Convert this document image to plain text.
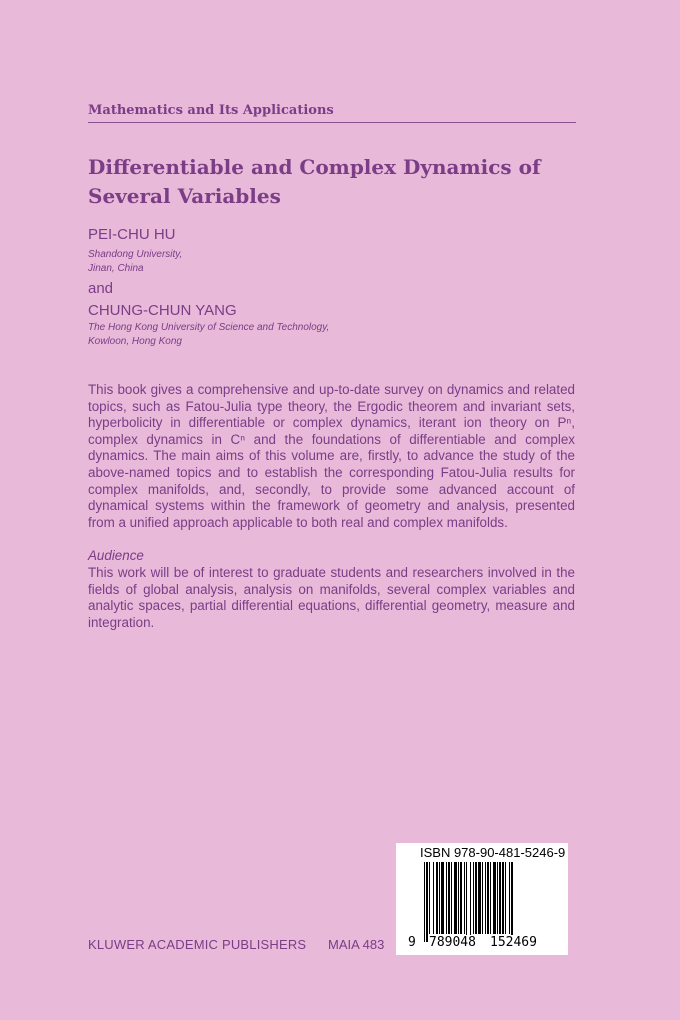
Mathematics and Its Applications
Differentiable and Complex Dynamics of
Several Variables
PEI-CHU HU
Shandong University,
Jinan, China
and
CHUNG-CHUN YANG
The Hong Kong University of Science and Technology,
Kowloon, Hong Kong
This book gives a comprehensive and up-to-date survey on dynamics and related topics, such as Fatou-Julia type theory, the Ergodic theorem and invariant sets, hyperbolicity in differentiable or complex dynamics, iterant ion theory on Pⁿ, complex dynamics in Cⁿ and the foundations of differentiable and complex dynamics. The main aims of this volume are, firstly, to advance the study of the above-named topics and to establish the corresponding Fatou-Julia results for complex manifolds, and, secondly, to provide some advanced account of dynamical systems within the framework of geometry and analysis, presented from a unified approach applicable to both real and complex manifolds.
Audience
This work will be of interest to graduate students and researchers involved in the fields of global analysis, analysis on manifolds, several complex variables and analytic spaces, partial differential equations, differential geometry, measure and integration.
KLUWER ACADEMIC PUBLISHERS MAIA 483
ISBN 978-90-481-5246-9
9 789048 152469
